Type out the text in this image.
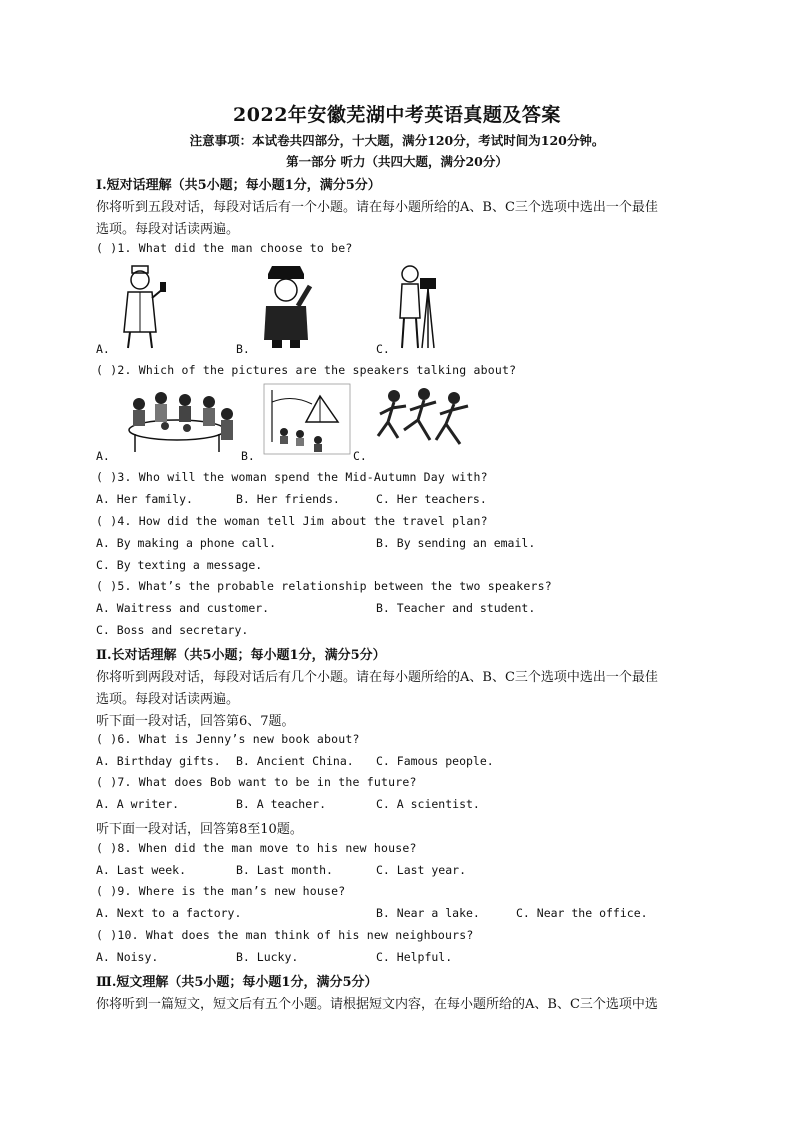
2022年安徽芜湖中考英语真题及答案
注意事项：本试卷共四部分，十大题，满分120分，考试时间为120分钟。
第一部分 听力（共四大题，满分20分）
Ⅰ.短对话理解（共5小题；每小题1分，满分5分）
你将听到五段对话，每段对话后有一个小题。请在每小题所给的A、B、C三个选项中选出一个最佳
选项。每段对话读两遍。
( )1. What did the man choose to be?
A.	B.	C.
( )2. Which of the pictures are the speakers talking about?
A.	B.	C.
( )3. Who will the woman spend the Mid-Autumn Day with?
A. Her family.	B. Her friends.	C. Her teachers.
( )4. How did the woman tell Jim about the travel plan?
A. By making a phone call.	B. By sending an email.
C. By texting a message.
( )5. What’s the probable relationship between the two speakers?
A. Waitress and customer.	B. Teacher and student.
C. Boss and secretary.
Ⅱ.长对话理解（共5小题；每小题1分，满分5分）
你将听到两段对话，每段对话后有几个小题。请在每小题所给的A、B、C三个选项中选出一个最佳
选项。每段对话读两遍。
听下面一段对话，回答第6、7题。
( )6. What is Jenny’s new book about?
A. Birthday gifts. B. Ancient China. C. Famous people.
( )7. What does Bob want to be in the future?
A. A writer.	B. A teacher.	C. A scientist.
听下面一段对话，回答第8至10题。
( )8. When did the man move to his new house?
A. Last week.	B. Last month.	C. Last year.
( )9. Where is the man’s new house?
A. Next to a factory.	B. Near a lake.	C. Near the office.
( )10. What does the man think of his new neighbours?
A. Noisy.	B. Lucky.	C. Helpful.
Ⅲ.短文理解（共5小题；每小题1分，满分5分）
你将听到一篇短文，短文后有五个小题。请根据短文内容，在每小题所给的A、B、C三个选项中选
